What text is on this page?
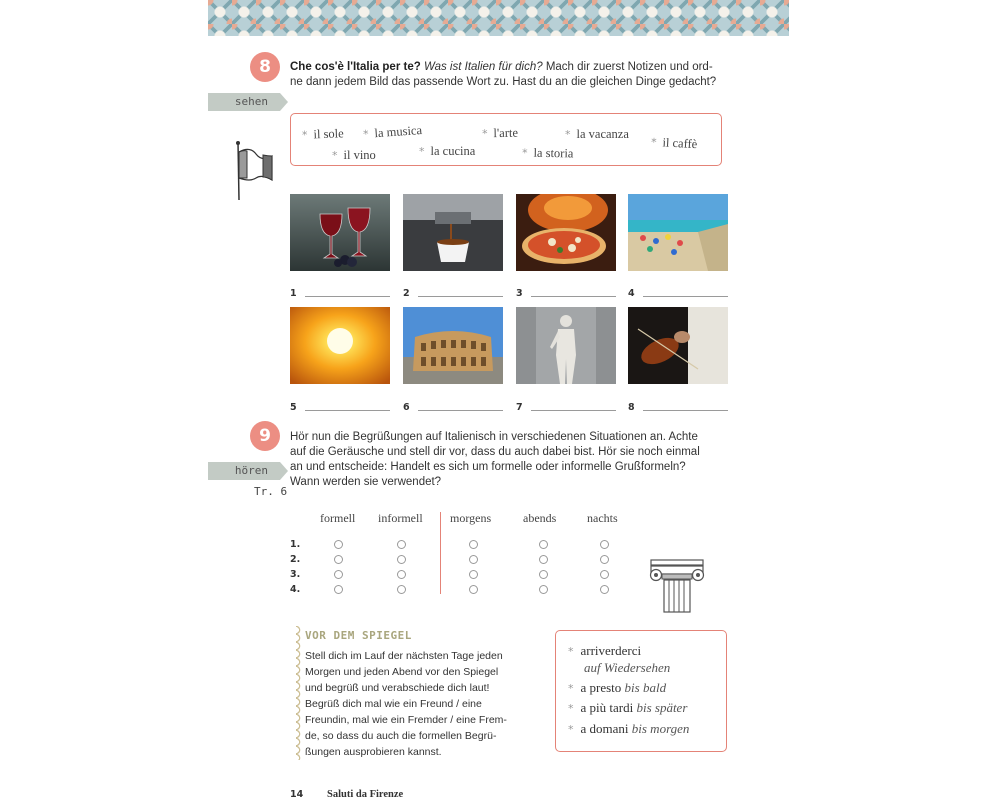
8
sehen
Che cos'è l'Italia per te? Was ist Italien für dich? Mach dir zuerst Notizen und ord-
ne dann jedem Bild das passende Wort zu. Hast du an die gleichen Dinge gedacht?
* il sole * la musica	* l'arte	* la vacanza
* il caffè
* il vino	* la cucina	* la storia
1	2	3	4
5	6	7	8
9
hören
Tr. 6
Hör nun die Begrüßungen auf Italienisch in verschiedenen Situationen an. Achte
auf die Geräusche und stell dir vor, dass du auch dabei bist. Hör sie noch einmal
an und entscheide: Handelt es sich um formelle oder informelle Grußformeln?
Wann werden sie verwendet?
formell informell morgens	abends	nachts
1.
2.
3.
4.
VOR DEM SPIEGEL
Stell dich im Lauf der nächsten Tage jeden
Morgen und jeden Abend vor den Spiegel
und begrüß und verabschiede dich laut!
Begrüß dich mal wie ein Freund / eine
Freundin, mal wie ein Fremder / eine Frem-
de, so dass du auch die formellen Begrü-
ßungen ausprobieren kannst.
* arriverderci
auf Wiedersehen
* a presto bis bald
* a più tardi bis später
* a domani bis morgen
14 Saluti da Firenze
